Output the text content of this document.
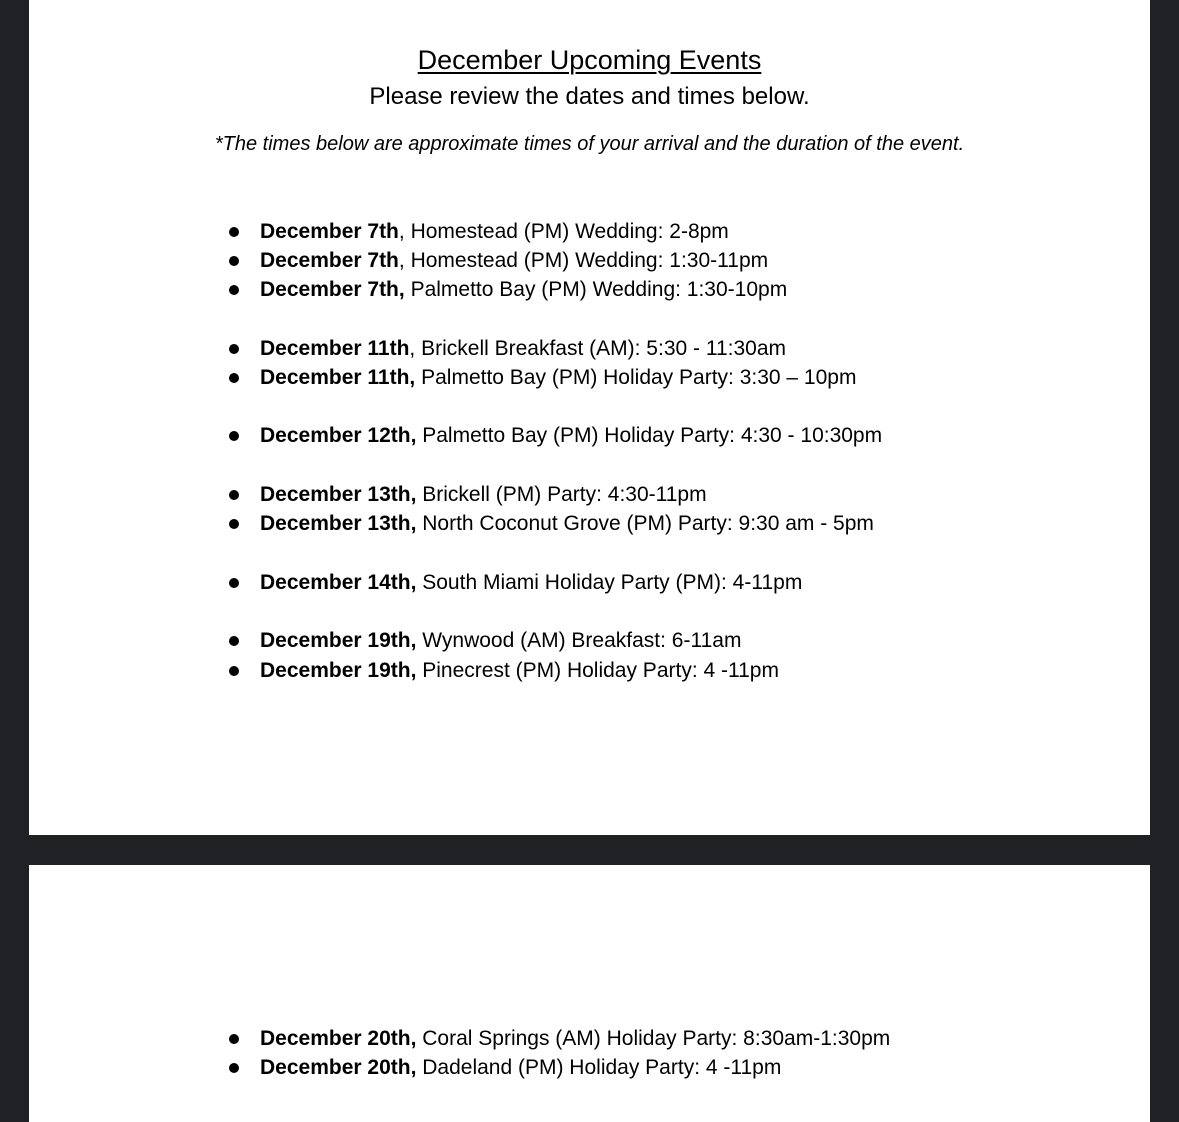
December Upcoming Events
Please review the dates and times below.
*The times below are approximate times of your arrival and the duration of the event.
December 7th, Homestead (PM) Wedding: 2-8pm
December 7th, Homestead (PM) Wedding: 1:30-11pm
December 7th, Palmetto Bay (PM) Wedding: 1:30-10pm
December 11th, Brickell Breakfast (AM): 5:30 - 11:30am
December 11th, Palmetto Bay (PM) Holiday Party: 3:30 – 10pm
December 12th, Palmetto Bay (PM) Holiday Party: 4:30 - 10:30pm
December 13th, Brickell (PM) Party: 4:30-11pm
December 13th, North Coconut Grove (PM) Party: 9:30 am - 5pm
December 14th, South Miami Holiday Party (PM): 4-11pm
December 19th, Wynwood (AM) Breakfast: 6-11am
December 19th, Pinecrest (PM) Holiday Party: 4 -11pm
December 20th, Coral Springs (AM) Holiday Party: 8:30am-1:30pm
December 20th, Dadeland (PM) Holiday Party: 4 -11pm
